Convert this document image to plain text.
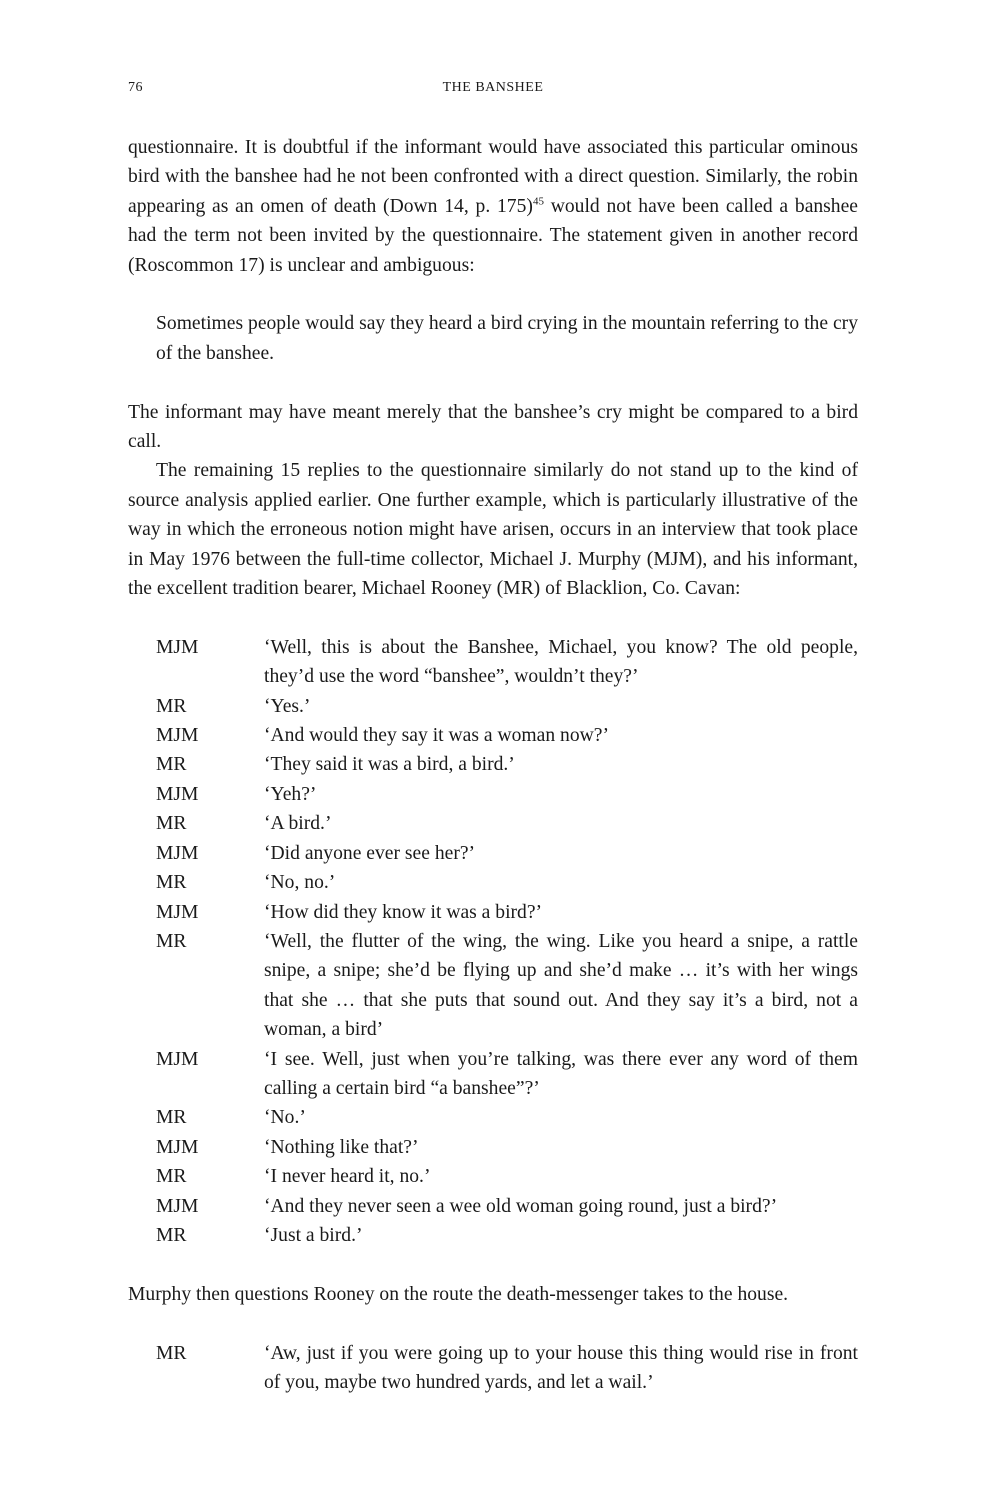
76	THE BANSHEE

questionnaire. It is doubtful if the informant would have associated this particular ominous bird with the banshee had he not been confronted with a direct question. Similarly, the robin appearing as an omen of death (Down 14, p. 175)$^{45}$ would not have been called a banshee had the term not been invited by the questionnaire. The statement given in another record (Roscommon 17) is unclear and ambiguous:

Sometimes people would say they heard a bird crying in the mountain referring to the cry of the banshee.

The informant may have meant merely that the banshee’s cry might be compared to a bird call.

The remaining 15 replies to the questionnaire similarly do not stand up to the kind of source analysis applied earlier. One further example, which is particularly illustrative of the way in which the erroneous notion might have arisen, occurs in an interview that took place in May 1976 between the full-time collector, Michael J. Murphy (MJM), and his informant, the excellent tradition bearer, Michael Rooney (MR) of Blacklion, Co. Cavan:

MJM	‘Well, this is about the Banshee, Michael, you know? The old people, they’d use the word “banshee”, wouldn’t they?’
MR	‘Yes.’
MJM	‘And would they say it was a woman now?’
MR	‘They said it was a bird, a bird.’
MJM	‘Yeh?’
MR	‘A bird.’
MJM	‘Did anyone ever see her?’
MR	‘No, no.’
MJM	‘How did they know it was a bird?’
MR	‘Well, the flutter of the wing, the wing. Like you heard a snipe, a rattle snipe, a snipe; she’d be flying up and she’d make … it’s with her wings that she … that she puts that sound out. And they say it’s a bird, not a woman, a bird’
MJM	‘I see. Well, just when you’re talking, was there ever any word of them calling a certain bird “a banshee”?’
MR	‘No.’
MJM	‘Nothing like that?’
MR	‘I never heard it, no.’
MJM	‘And they never seen a wee old woman going round, just a bird?’
MR	‘Just a bird.’

Murphy then questions Rooney on the route the death-messenger takes to the house.

MR	‘Aw, just if you were going up to your house this thing would rise in front of you, maybe two hundred yards, and let a wail.’
